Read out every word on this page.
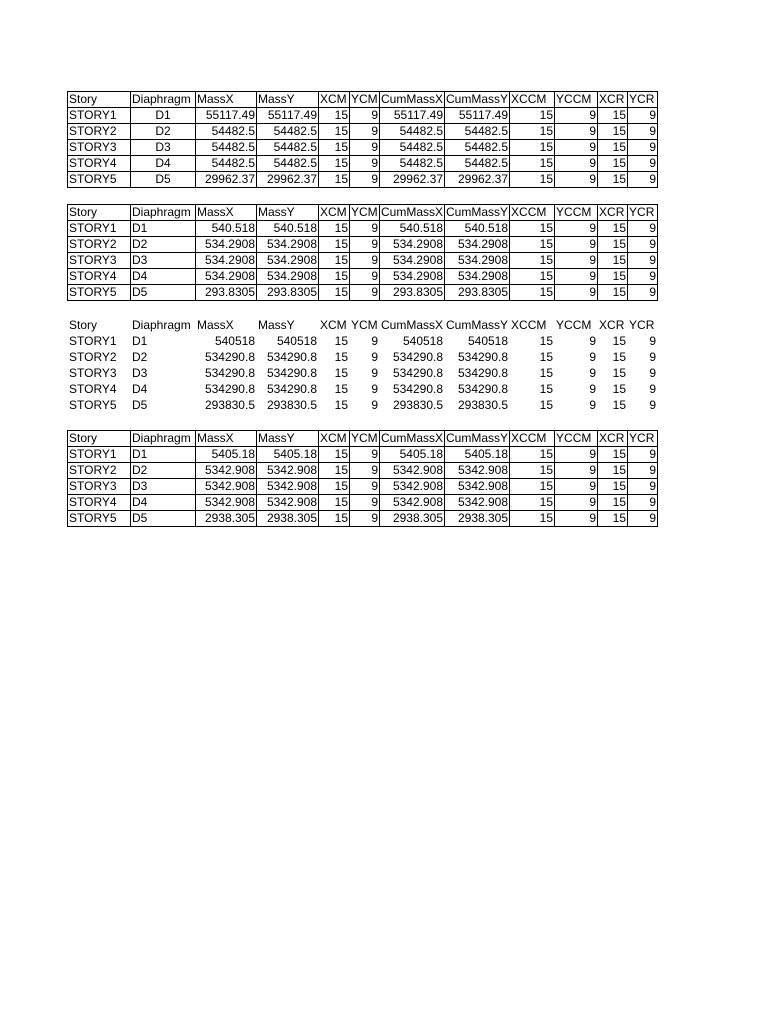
Story	Diaphragm	MassX	MassY	XCM	YCM	CumMassX	CumMassY	XCCM	YCCM	XCR	YCR
STORY1	D1	55117.49	55117.49	15	9	55117.49	55117.49	15	9	15	9
STORY2	D2	54482.5	54482.5	15	9	54482.5	54482.5	15	9	15	9
STORY3	D3	54482.5	54482.5	15	9	54482.5	54482.5	15	9	15	9
STORY4	D4	54482.5	54482.5	15	9	54482.5	54482.5	15	9	15	9
STORY5	D5	29962.37	29962.37	15	9	29962.37	29962.37	15	9	15	9
Story	Diaphragm	MassX	MassY	XCM	YCM	CumMassX	CumMassY	XCCM	YCCM	XCR	YCR
STORY1	D1	540.518	540.518	15	9	540.518	540.518	15	9	15	9
STORY2	D2	534.2908	534.2908	15	9	534.2908	534.2908	15	9	15	9
STORY3	D3	534.2908	534.2908	15	9	534.2908	534.2908	15	9	15	9
STORY4	D4	534.2908	534.2908	15	9	534.2908	534.2908	15	9	15	9
STORY5	D5	293.8305	293.8305	15	9	293.8305	293.8305	15	9	15	9
Story	Diaphragm	MassX	MassY	XCM	YCM	CumMassX	CumMassY	XCCM	YCCM	XCR	YCR
STORY1	D1	540518	540518	15	9	540518	540518	15	9	15	9
STORY2	D2	534290.8	534290.8	15	9	534290.8	534290.8	15	9	15	9
STORY3	D3	534290.8	534290.8	15	9	534290.8	534290.8	15	9	15	9
STORY4	D4	534290.8	534290.8	15	9	534290.8	534290.8	15	9	15	9
STORY5	D5	293830.5	293830.5	15	9	293830.5	293830.5	15	9	15	9
Story	Diaphragm	MassX	MassY	XCM	YCM	CumMassX	CumMassY	XCCM	YCCM	XCR	YCR
STORY1	D1	5405.18	5405.18	15	9	5405.18	5405.18	15	9	15	9
STORY2	D2	5342.908	5342.908	15	9	5342.908	5342.908	15	9	15	9
STORY3	D3	5342.908	5342.908	15	9	5342.908	5342.908	15	9	15	9
STORY4	D4	5342.908	5342.908	15	9	5342.908	5342.908	15	9	15	9
STORY5	D5	2938.305	2938.305	15	9	2938.305	2938.305	15	9	15	9
